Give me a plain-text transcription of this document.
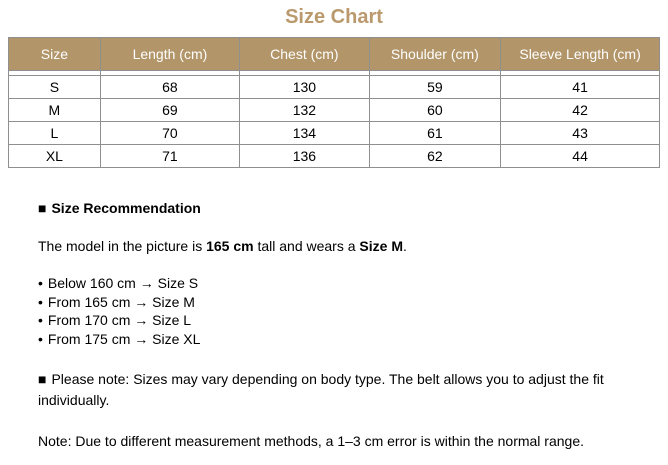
Size Chart
Size	Length (cm)	Chest (cm)	Shoulder (cm)	Sleeve Length (cm)

S	68	130	59	41
M	69	132	60	42
L	70	134	61	43
XL	71	136	62	44

■ Size Recommendation

The model in the picture is 165 cm tall and wears a Size M.

• Below 160 cm → Size S
• From 165 cm → Size M
• From 170 cm → Size L
• From 175 cm → Size XL

■ Please note: Sizes may vary depending on body type. The belt allows you to adjust the fit individually.

Note: Due to different measurement methods, a 1–3 cm error is within the normal range.
